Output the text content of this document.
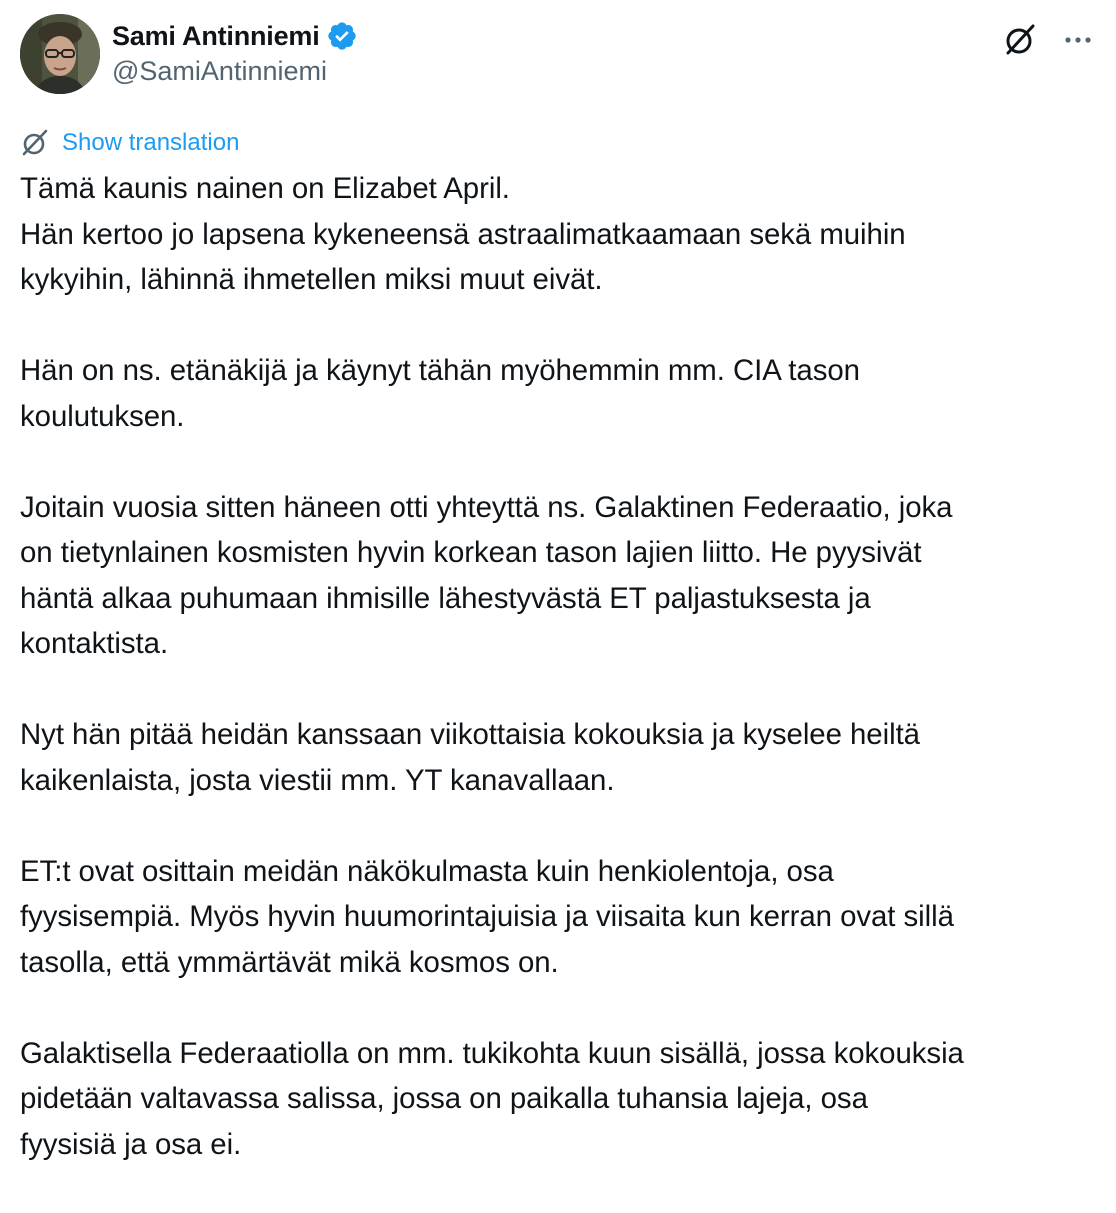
Sami Antinniemi
@SamiAntinniemi
Show translation

Tämä kaunis nainen on Elizabet April.
Hän kertoo jo lapsena kykeneensä astraalimatkaamaan sekä muihin
kykyihin, lähinnä ihmetellen miksi muut eivät.

Hän on ns. etänäkijä ja käynyt tähän myöhemmin mm. CIA tason
koulutuksen.

Joitain vuosia sitten häneen otti yhteyttä ns. Galaktinen Federaatio, joka
on tietynlainen kosmisten hyvin korkean tason lajien liitto. He pyysivät
häntä alkaa puhumaan ihmisille lähestyvästä ET paljastuksesta ja
kontaktista.

Nyt hän pitää heidän kanssaan viikottaisia kokouksia ja kyselee heiltä
kaikenlaista, josta viestii mm. YT kanavallaan.

ET:t ovat osittain meidän näkökulmasta kuin henkiolentoja, osa
fyysisempiä. Myös hyvin huumorintajuisia ja viisaita kun kerran ovat sillä
tasolla, että ymmärtävät mikä kosmos on.

Galaktisella Federaatiolla on mm. tukikohta kuun sisällä, jossa kokouksia
pidetään valtavassa salissa, jossa on paikalla tuhansia lajeja, osa
fyysisiä ja osa ei.
